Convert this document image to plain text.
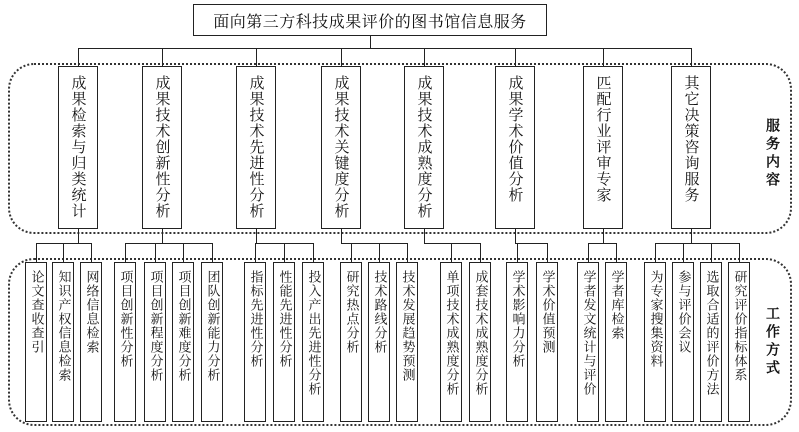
服务内容
工作方式
面向第三方科技成果评价的图书馆信息服务
成果检索与归类统计
论文查收查引 知识产权信息检索 网络信息检索
成果技术创新性分析
项目创新性分析 项目创新程度分析 项目创新难度分析 团队创新能力分析
成果技术先进性分析
指标先进性分析 性能先进性分析 投入产出先进性分析
成果技术关键度分析
研究热点分析 技术路线分析 技术发展趋势预测
成果技术成熟度分析
单项技术成熟度分析 成套技术成熟度分析
成果学术价值分析
学术影响力分析 学术价值预测
匹配行业评审专家
学者发文统计与评价 学者库检索
其它决策咨询服务
为专家搜集资料 参与评价会议 选取合适的评价方法 研究评价指标体系
